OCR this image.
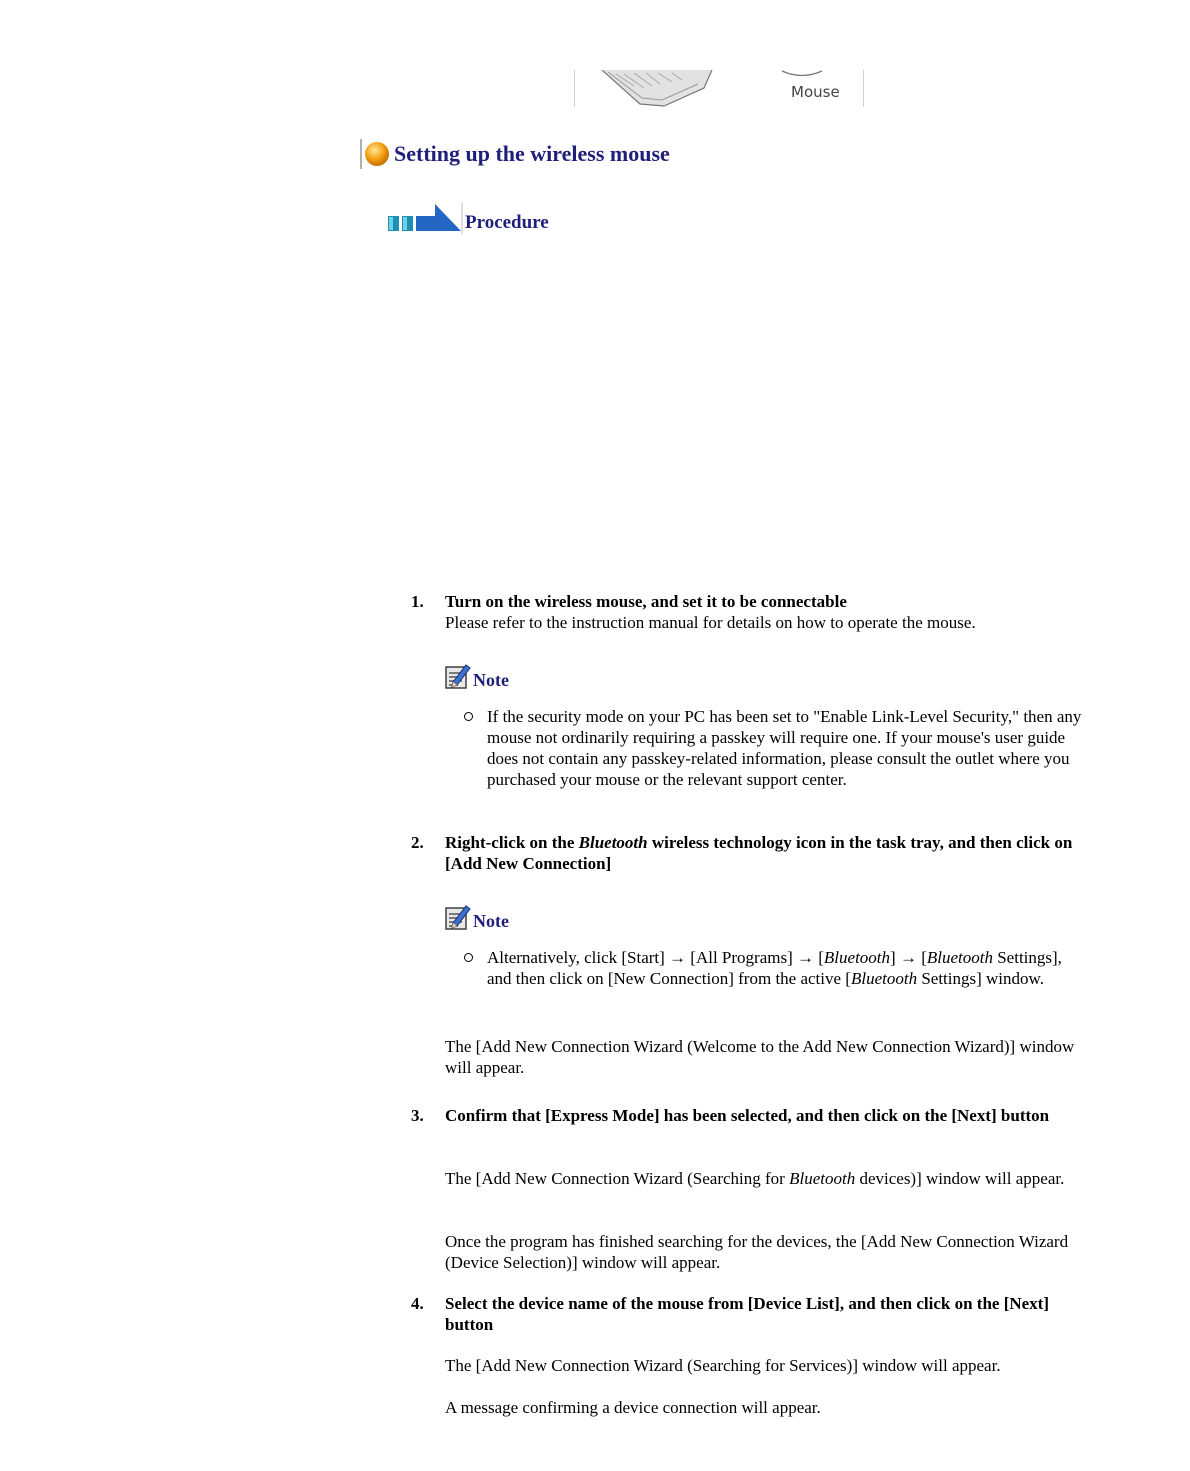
Mouse
Setting up the wireless mouse
Procedure
1. Turn on the wireless mouse, and set it to be connectable
Please refer to the instruction manual for details on how to operate the mouse.
Note
If the security mode on your PC has been set to "Enable Link-Level Security," then any mouse not ordinarily requiring a passkey will require one. If your mouse's user guide does not contain any passkey-related information, please consult the outlet where you purchased your mouse or the relevant support center.
2. Right-click on the Bluetooth wireless technology icon in the task tray, and then click on [Add New Connection]
Note
Alternatively, click [Start] → [All Programs] → [Bluetooth] → [Bluetooth Settings], and then click on [New Connection] from the active [Bluetooth Settings] window.
The [Add New Connection Wizard (Welcome to the Add New Connection Wizard)] window will appear.
3. Confirm that [Express Mode] has been selected, and then click on the [Next] button
The [Add New Connection Wizard (Searching for Bluetooth devices)] window will appear.
Once the program has finished searching for the devices, the [Add New Connection Wizard (Device Selection)] window will appear.
4. Select the device name of the mouse from [Device List], and then click on the [Next] button
The [Add New Connection Wizard (Searching for Services)] window will appear.
A message confirming a device connection will appear.
